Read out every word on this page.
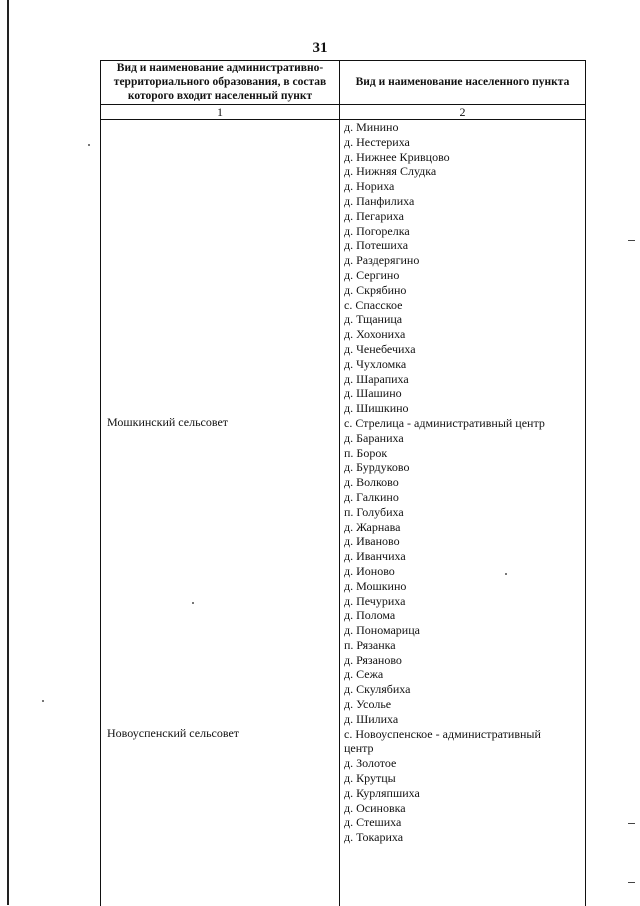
31
Вид и наименование административно-территориального образования, в состав которого входит населенный пункт
Вид и наименование населенного пункта
1	2
Мошкинский сельсовет
Новоуспенский сельсовет
д. Минино
д. Нестериха
д. Нижнее Кривцово
д. Нижняя Слудка
д. Нориха
д. Панфилиха
д. Пегариха
д. Погорелка
д. Потешиха
д. Раздерягино
д. Сергино
д. Скрябино
с. Спасское
д. Тщаница
д. Хохониха
д. Ченебечиха
д. Чухломка
д. Шарапиха
д. Шашино
д. Шишкино
с. Стрелица - административный центр
д. Бараниха
п. Борок
д. Бурдуково
д. Волково
д. Галкино
п. Голубиха
д. Жарнава
д. Иваново
д. Иванчиха
д. Ионово
д. Мошкино
д. Печуриха
д. Полома
д. Пономарица
п. Рязанка
д. Рязаново
д. Сежа
д. Скулябиха
д. Усолье
д. Шилиха
с. Новоуспенское - административный
центр
д. Золотое
д. Крутцы
д. Курляпшиха
д. Осиновка
д. Стешиха
д. Токариха
